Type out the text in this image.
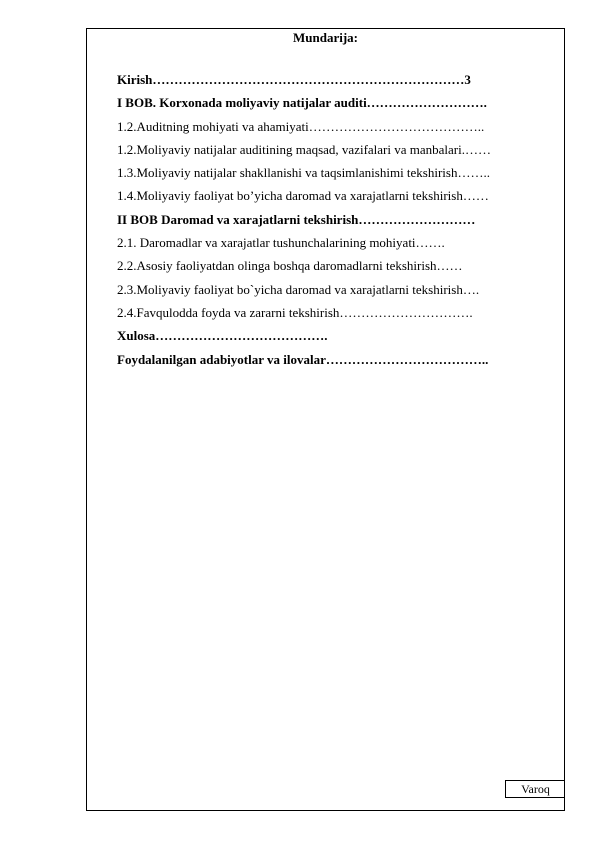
Mundarija:
Kirish………………………………………………………………3
I BOB. Korxonada moliyaviy natijalar auditi……………………….
1.2.Auditning mohiyati va ahamiyati…………………………………..
1.2.Moliyaviy natijalar auditining maqsad, vazifalari va manbalari.……
1.3.Moliyaviy natijalar shakllanishi va taqsimlanishimi tekshirish……..
1.4.Moliyaviy faoliyat bo’yicha daromad va xarajatlarni tekshirish……
II BOB Daromad va xarajatlarni tekshirish………………………
2.1. Daromadlar va xarajatlar tushunchalarining mohiyati…….
2.2.Asosiy faoliyatdan olinga boshqa daromadlarni tekshirish……
2.3.Moliyaviy faoliyat bo`yicha daromad va xarajatlarni tekshirish….
2.4.Favqulodda foyda va zararni tekshirish………………………….
Xulosa………………………………….
Foydalanilgan adabiyotlar va ilovalar………………………………..
Varoq
